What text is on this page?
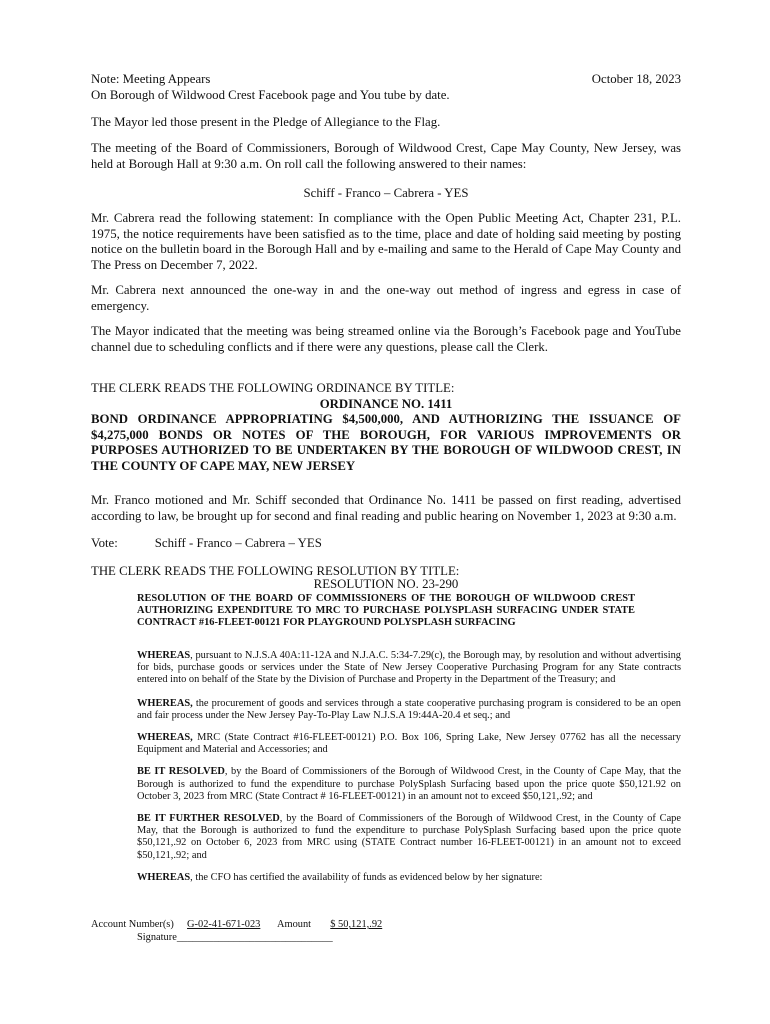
Note: Meeting Appears	October 18, 2023
On Borough of Wildwood Crest Facebook page and You tube by date.
The Mayor led those present in the Pledge of Allegiance to the Flag.
The meeting of the Board of Commissioners, Borough of Wildwood Crest, Cape May County, New Jersey, was held at Borough Hall at 9:30 a.m. On roll call the following answered to their names:
Schiff - Franco – Cabrera - YES
Mr. Cabrera read the following statement: In compliance with the Open Public Meeting Act, Chapter 231, P.L. 1975, the notice requirements have been satisfied as to the time, place and date of holding said meeting by posting notice on the bulletin board in the Borough Hall and by e-mailing and same to the Herald of Cape May County and The Press on December 7, 2022.
Mr. Cabrera next announced the one-way in and the one-way out method of ingress and egress in case of emergency.
The Mayor indicated that the meeting was being streamed online via the Borough’s Facebook page and YouTube channel due to scheduling conflicts and if there were any questions, please call the Clerk.
THE CLERK READS THE FOLLOWING ORDINANCE BY TITLE:
ORDINANCE NO. 1411
BOND ORDINANCE APPROPRIATING $4,500,000, AND AUTHORIZING THE ISSUANCE OF $4,275,000 BONDS OR NOTES OF THE BOROUGH, FOR VARIOUS IMPROVEMENTS OR PURPOSES AUTHORIZED TO BE UNDERTAKEN BY THE BOROUGH OF WILDWOOD CREST, IN THE COUNTY OF CAPE MAY, NEW JERSEY
Mr. Franco motioned and Mr. Schiff seconded that Ordinance No. 1411 be passed on first reading, advertised according to law, be brought up for second and final reading and public hearing on November 1, 2023 at 9:30 a.m.
Vote:	Schiff - Franco – Cabrera – YES
THE CLERK READS THE FOLLOWING RESOLUTION BY TITLE:
RESOLUTION NO. 23-290
RESOLUTION OF THE BOARD OF COMMISSIONERS OF THE BOROUGH OF WILDWOOD CREST AUTHORIZING EXPENDITURE TO MRC TO PURCHASE POLYSPLASH SURFACING UNDER STATE CONTRACT #16-FLEET-00121 FOR PLAYGROUND POLYSPLASH SURFACING

WHEREAS, pursuant to N.J.S.A 40A:11-12A and N.J.A.C. 5:34-7.29(c), the Borough may, by resolution and without advertising for bids, purchase goods or services under the State of New Jersey Cooperative Purchasing Program for any State contracts entered into on behalf of the State by the Division of Purchase and Property in the Department of the Treasury; and

WHEREAS, the procurement of goods and services through a state cooperative purchasing program is considered to be an open and fair process under the New Jersey Pay-To-Play Law N.J.S.A 19:44A-20.4 et seq.; and

WHEREAS, MRC (State Contract #16-FLEET-00121) P.O. Box 106, Spring Lake, New Jersey 07762 has all the necessary Equipment and Material and Accessories; and

BE IT RESOLVED, by the Board of Commissioners of the Borough of Wildwood Crest, in the County of Cape May, that the Borough is authorized to fund the expenditure to purchase PolySplash Surfacing based upon the price quote $50,121.92 on October 3, 2023 from MRC (State Contract # 16-FLEET-00121) in an amount not to exceed $50,121,.92; and

BE IT FURTHER RESOLVED, by the Board of Commissioners of the Borough of Wildwood Crest, in the County of Cape May, that the Borough is authorized to fund the expenditure to purchase PolySplash Surfacing based upon the price quote $50,121,.92 on October 6, 2023 from MRC using (STATE Contract number 16-FLEET-00121) in an amount not to exceed $50,121,.92; and

WHEREAS, the CFO has certified the availability of funds as evidenced below by her signature:

Account Number(s) G-02-41-671-023 Amount $ 50,121,.92
Signature______________________________
